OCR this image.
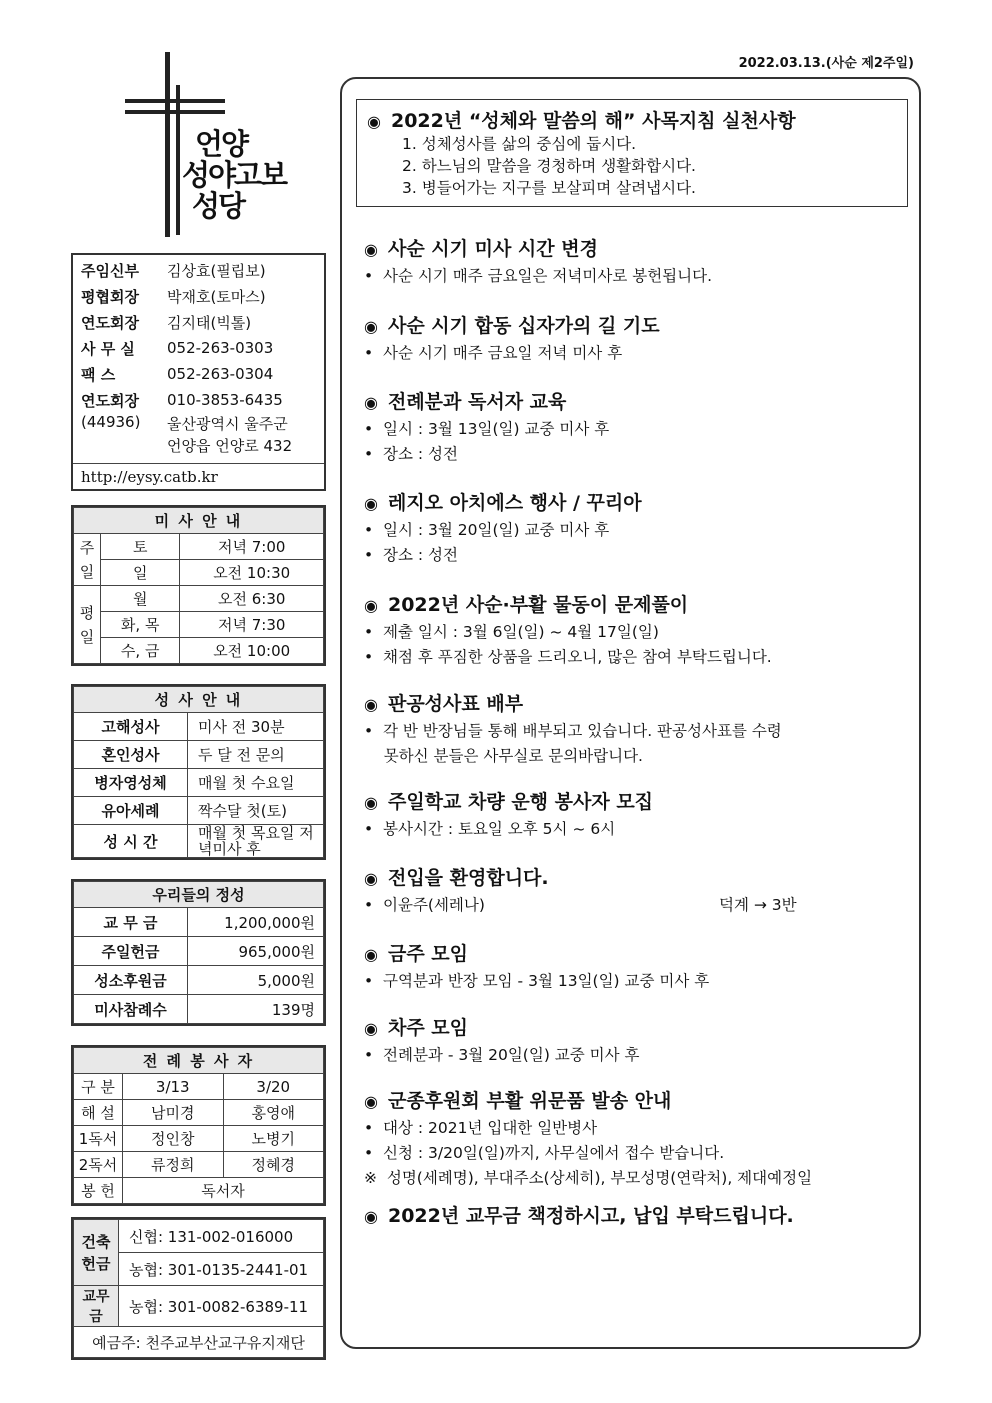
2022.03.13.(사순 제2주일)
언양
성야고보
성당
주임신부	김상효(필립보)
평협회장	박재호(토마스)
연도회장	김지태(빅톨)
사 무 실	052-263-0303
팩 스	052-263-0304
연도회장	010-3853-6435
(44936)	울산광역시 울주군
언양읍 언양로 432
http://eysy.catb.kr
미 사 안 내		
주일	토	저녁 7:00
	일	오전 10:30
평일	월	오전 6:30
	화, 목	저녁 7:30
	수, 금	오전 10:00
성 사 안 내	
고해성사	미사 전 30분
혼인성사	두 달 전 문의
병자영성체	매월 첫 수요일
유아세례	짝수달 첫(토)
성 시 간	매월 첫 목요일 저녁미사 후
우리들의 정성	
교 무 금	1,200,000원
주일헌금	965,000원
성소후원금	5,000원
미사참례수	139명
전 례 봉 사 자		
구 분	3/13	3/20
해 설	남미경	홍영애
1독서	정인창	노병기
2독서	류정희	정혜경
봉 헌	독서자	
건축헌금	신협: 131-002-016000
	농협: 301-0135-2441-01
교무금	농협: 301-0082-6389-11
예금주: 천주교부산교구유지재단	
◉ 2022년 “성체와 말씀의 해” 사목지침 실천사항
1. 성체성사를 삶의 중심에 둡시다.
2. 하느님의 말씀을 경청하며 생활화합시다.
3. 병들어가는 지구를 보살피며 살려냅시다.
◉ 사순 시기 미사 시간 변경
•  사순 시기 매주 금요일은 저녁미사로 봉헌됩니다.
◉ 사순 시기 합동 십자가의 길 기도
•  사순 시기 매주 금요일 저녁 미사 후
◉ 전례분과 독서자 교육
•  일시 : 3월 13일(일) 교중 미사 후
•  장소 : 성전
◉ 레지오 아치에스 행사 / 꾸리아
•  일시 : 3월 20일(일) 교중 미사 후
•  장소 : 성전
◉ 2022년 사순·부활 물동이 문제풀이
•  제출 일시 : 3월 6일(일) ~ 4월 17일(일)
•  채점 후 푸짐한 상품을 드리오니, 많은 참여 부탁드립니다.
◉ 판공성사표 배부
•  각 반 반장님들 통해 배부되고 있습니다. 판공성사표를 수령
못하신 분들은 사무실로 문의바랍니다.
◉ 주일학교 차량 운행 봉사자 모집
•  봉사시간 : 토요일 오후 5시 ~ 6시
◉ 전입을 환영합니다.
•  이윤주(세레나)	덕계 → 3반
◉ 금주 모임
•  구역분과 반장 모임 - 3월 13일(일) 교중 미사 후
◉ 차주 모임
•  전례분과 - 3월 20일(일) 교중 미사 후
◉ 군종후원회 부활 위문품 발송 안내
•  대상 : 2021년 입대한 일반병사
•  신청 : 3/20일(일)까지, 사무실에서 접수 받습니다.
※  성명(세례명), 부대주소(상세히), 부모성명(연락처), 제대예정일
◉ 2022년 교무금 책정하시고, 납입 부탁드립니다.
